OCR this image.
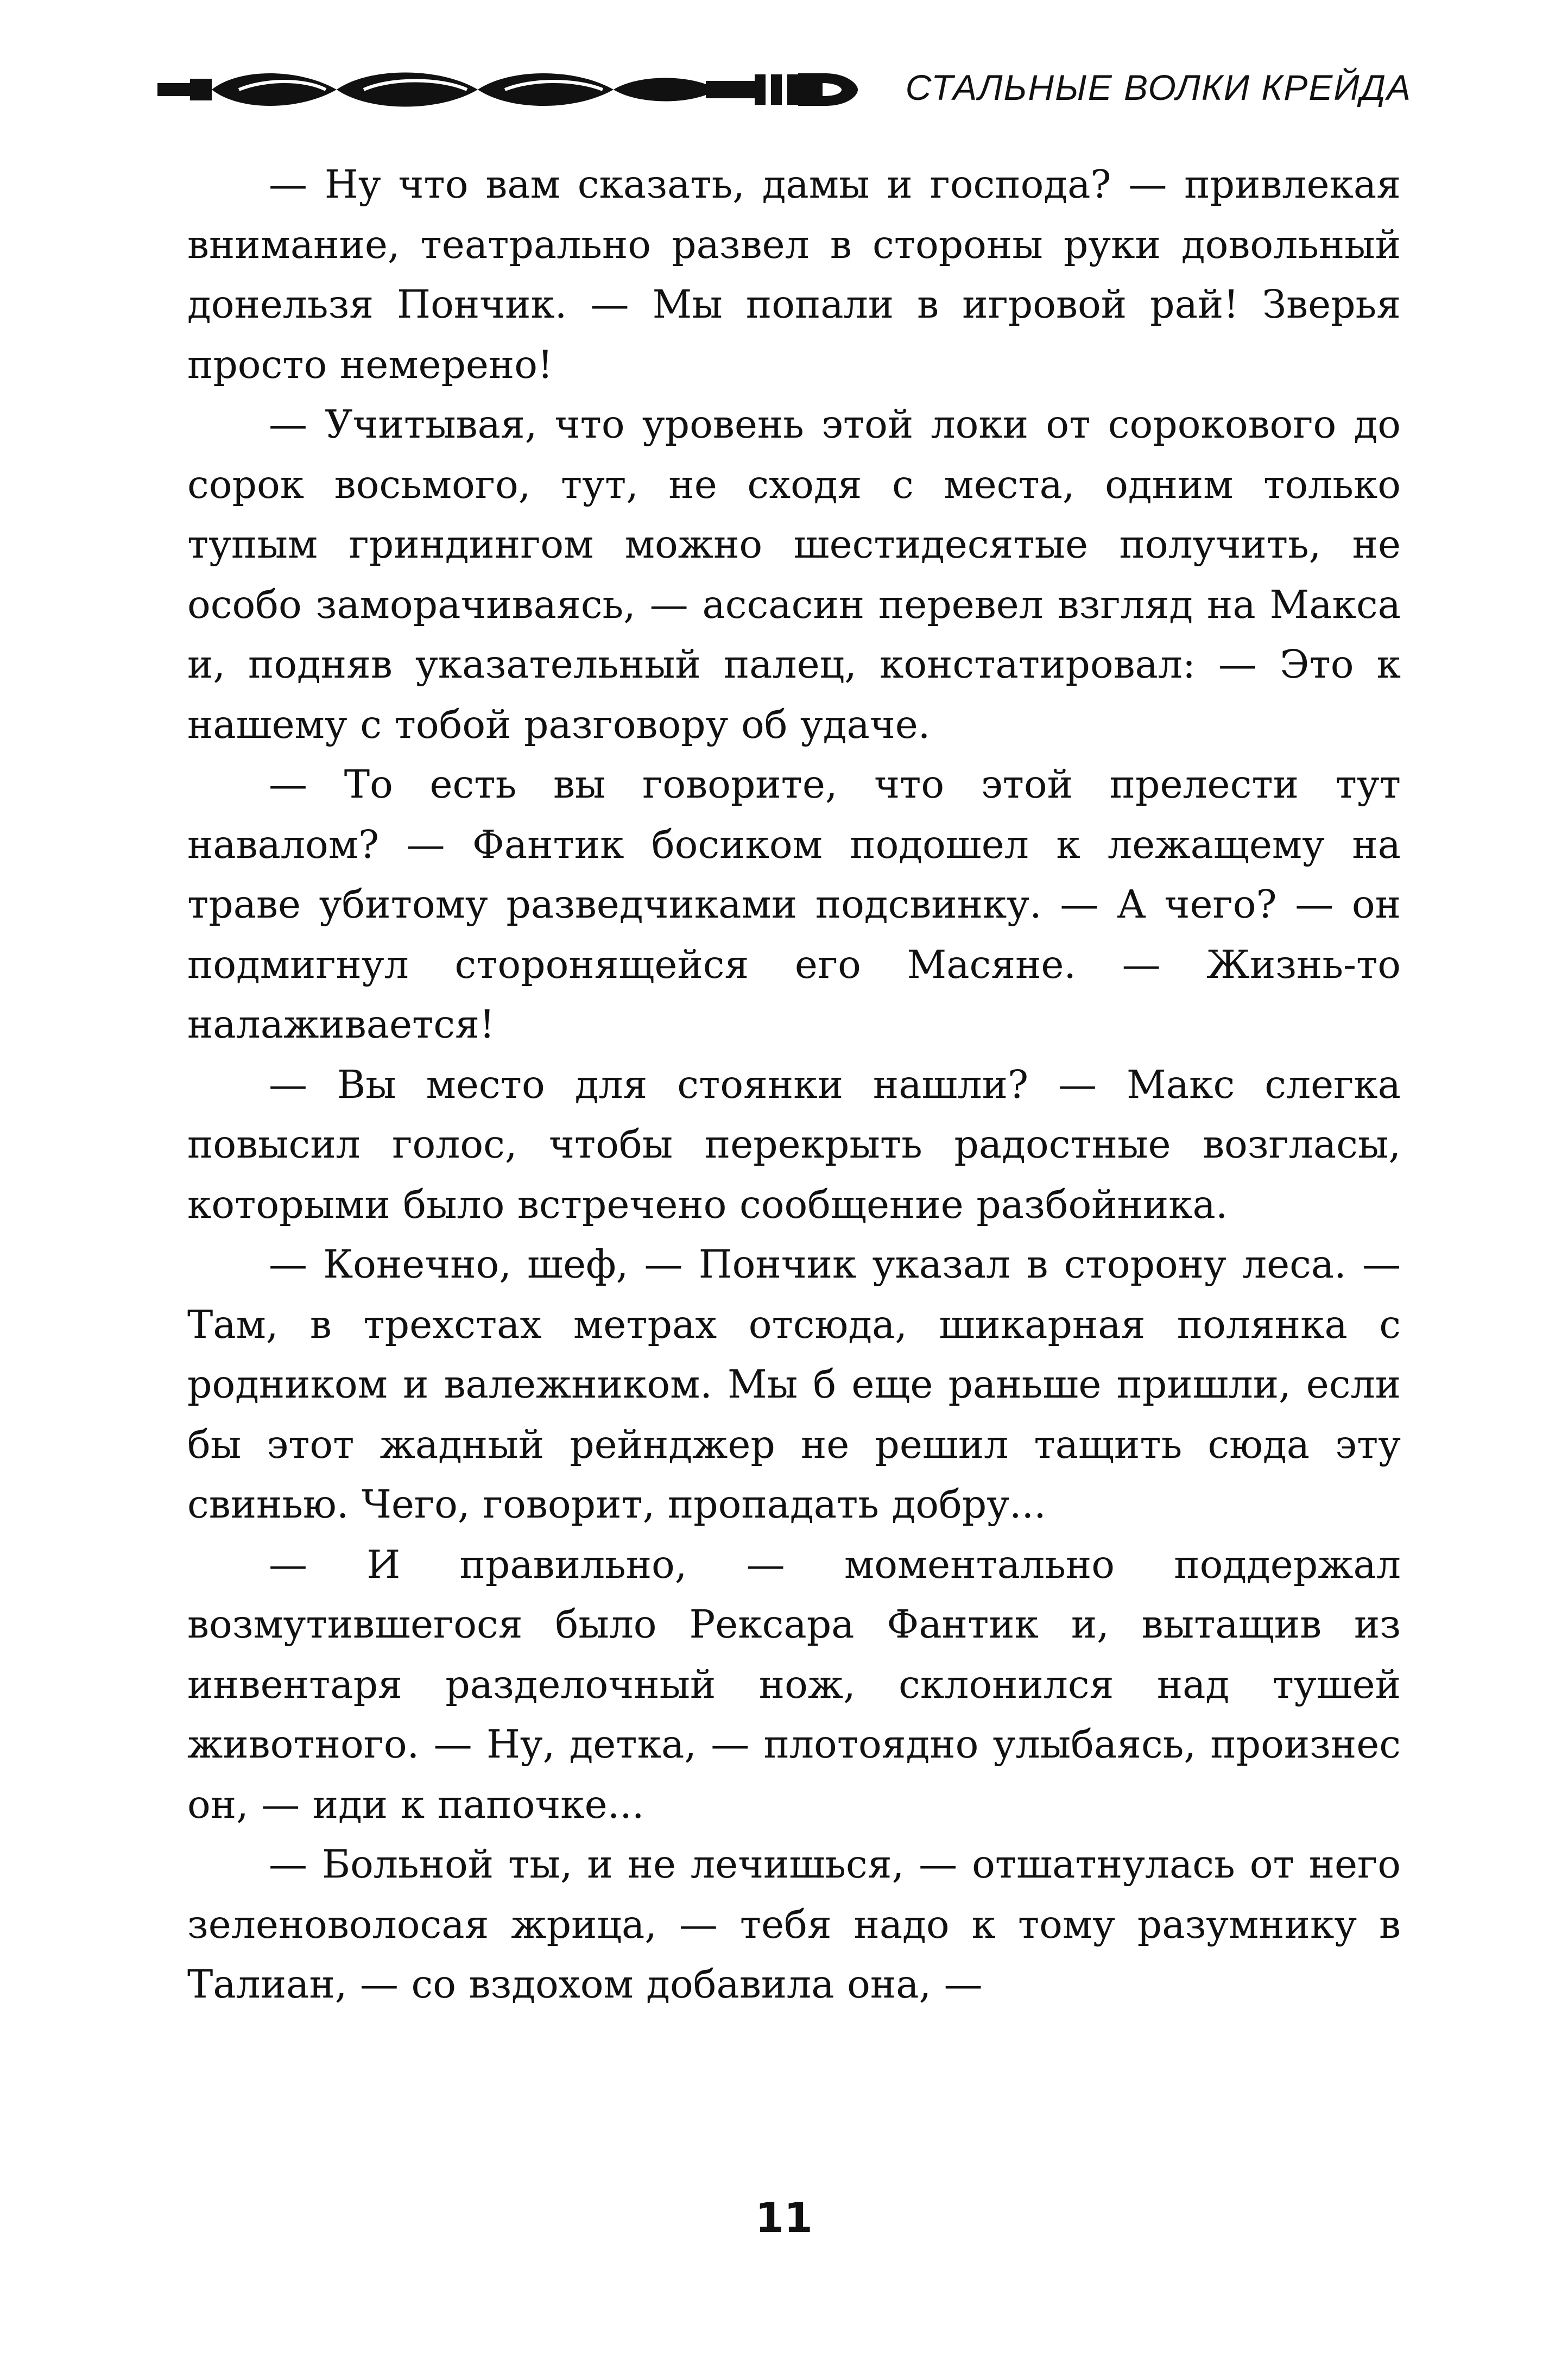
СТАЛЬНЫЕ ВОЛКИ КРЕЙДА

— Ну что вам сказать, дамы и господа? — привлекая внимание, театрально развел в стороны руки довольный донельзя Пончик. — Мы попали в игровой рай! Зверья просто немерено!

— Учитывая, что уровень этой локи от сорокового до сорок восьмого, тут, не сходя с места, одним только тупым гриндингом можно шестидесятые получить, не особо заморачиваясь, — ассасин перевел взгляд на Макса и, подняв указательный палец, констатировал: — Это к нашему с тобой разговору об удаче.

— То есть вы говорите, что этой прелести тут навалом? — Фантик босиком подошел к лежащему на траве убитому разведчиками подсвинку. — А чего? — он подмигнул сторонящейся его Масяне. — Жизнь-то налаживается!

— Вы место для стоянки нашли? — Макс слегка повысил голос, чтобы перекрыть радостные возгласы, которыми было встречено сообщение разбойника.

— Конечно, шеф, — Пончик указал в сторону леса. — Там, в трехстах метрах отсюда, шикарная полянка с родником и валежником. Мы б еще раньше пришли, если бы этот жадный рейнджер не решил тащить сюда эту свинью. Чего, говорит, пропадать добру...

— И правильно, — моментально поддержал возмутившегося было Рексара Фантик и, вытащив из инвентаря разделочный нож, склонился над тушей животного. — Ну, детка, — плотоядно улыбаясь, произнес он, — иди к папочке...

— Больной ты, и не лечишься, — отшатнулась от него зеленоволосая жрица, — тебя надо к тому разумнику в Талиан, — со вздохом добавила она, —

11
